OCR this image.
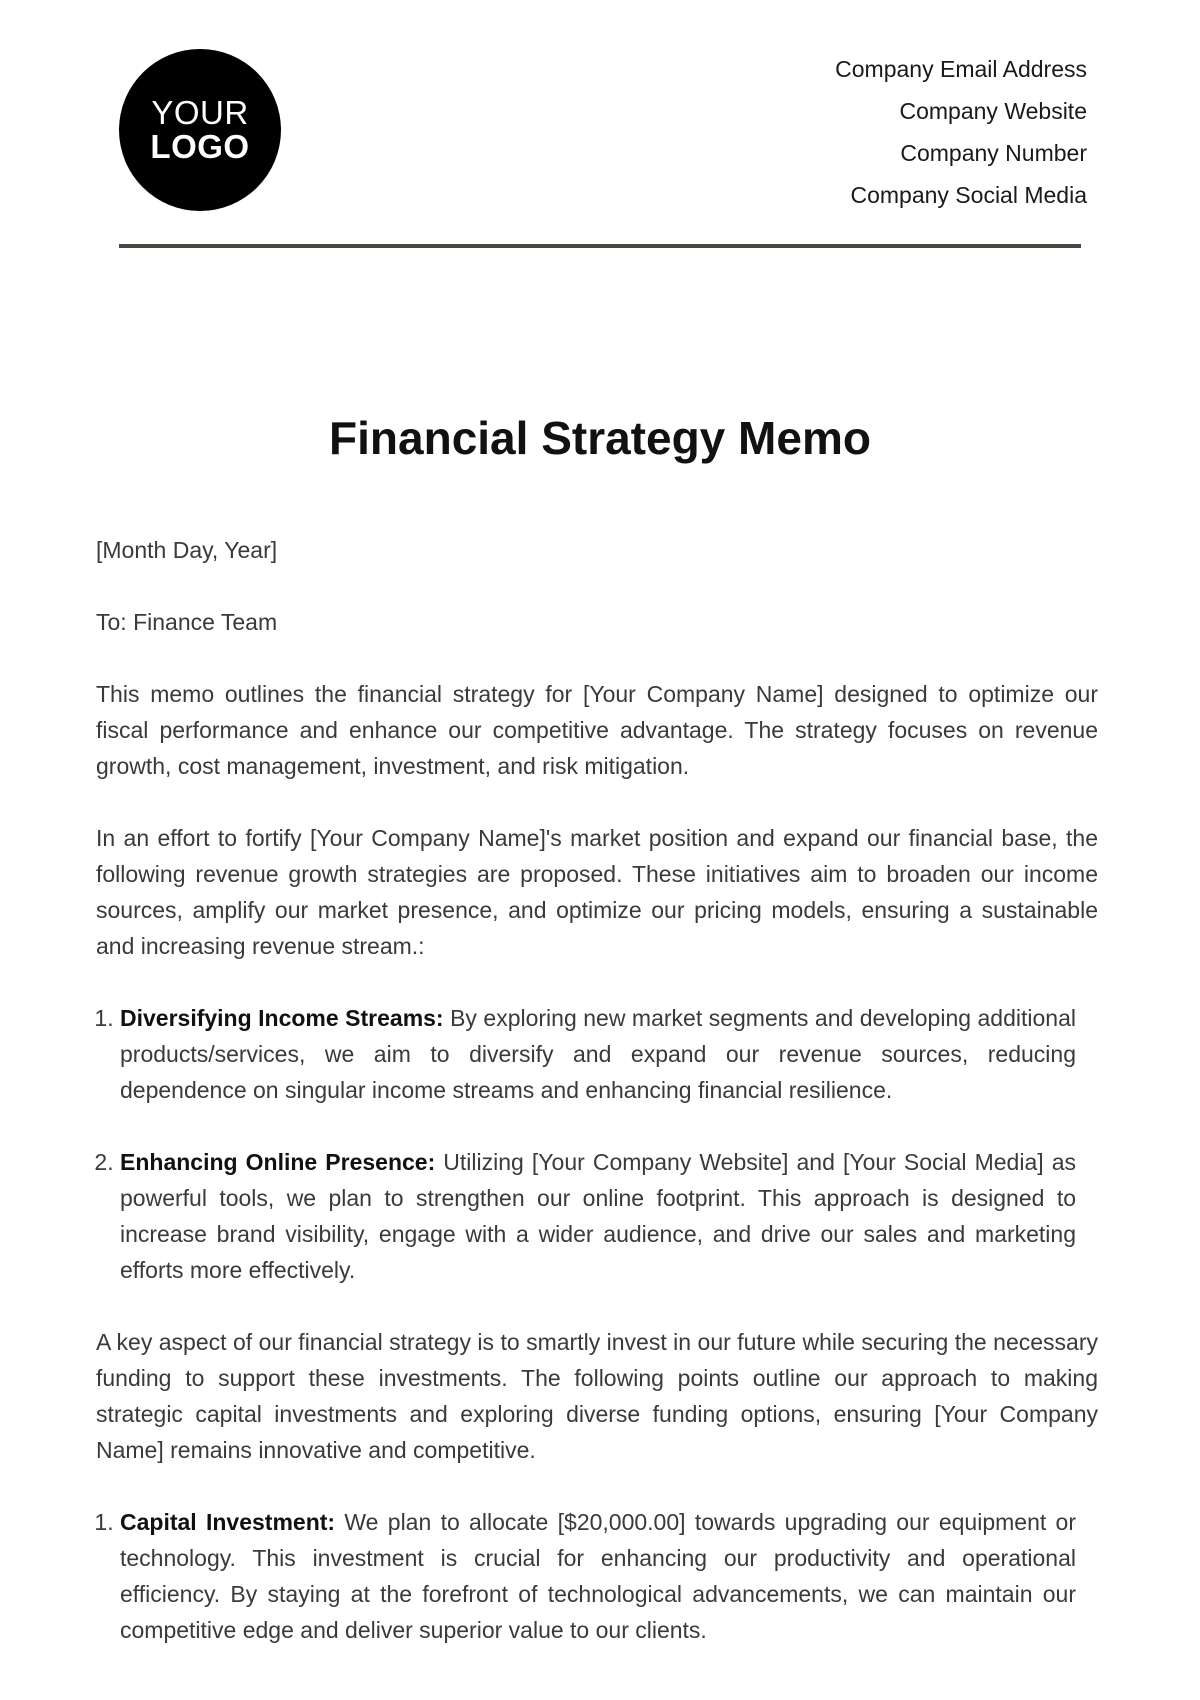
YOUR
LOGO
Company Email Address
Company Website
Company Number
Company Social Media
Financial Strategy Memo

[Month Day, Year]

To: Finance Team

This memo outlines the financial strategy for [Your Company Name] designed to optimize our fiscal performance and enhance our competitive advantage. The strategy focuses on revenue growth, cost management, investment, and risk mitigation.

In an effort to fortify [Your Company Name]'s market position and expand our financial base, the following revenue growth strategies are proposed. These initiatives aim to broaden our income sources, amplify our market presence, and optimize our pricing models, ensuring a sustainable and increasing revenue stream.:

1. Diversifying Income Streams: By exploring new market segments and developing additional products/services, we aim to diversify and expand our revenue sources, reducing dependence on singular income streams and enhancing financial resilience.
2. Enhancing Online Presence: Utilizing [Your Company Website] and [Your Social Media] as powerful tools, we plan to strengthen our online footprint. This approach is designed to increase brand visibility, engage with a wider audience, and drive our sales and marketing efforts more effectively.

A key aspect of our financial strategy is to smartly invest in our future while securing the necessary funding to support these investments. The following points outline our approach to making strategic capital investments and exploring diverse funding options, ensuring [Your Company Name] remains innovative and competitive.

1. Capital Investment: We plan to allocate [$20,000.00] towards upgrading our equipment or technology. This investment is crucial for enhancing our productivity and operational efficiency. By staying at the forefront of technological advancements, we can maintain our competitive edge and deliver superior value to our clients.
